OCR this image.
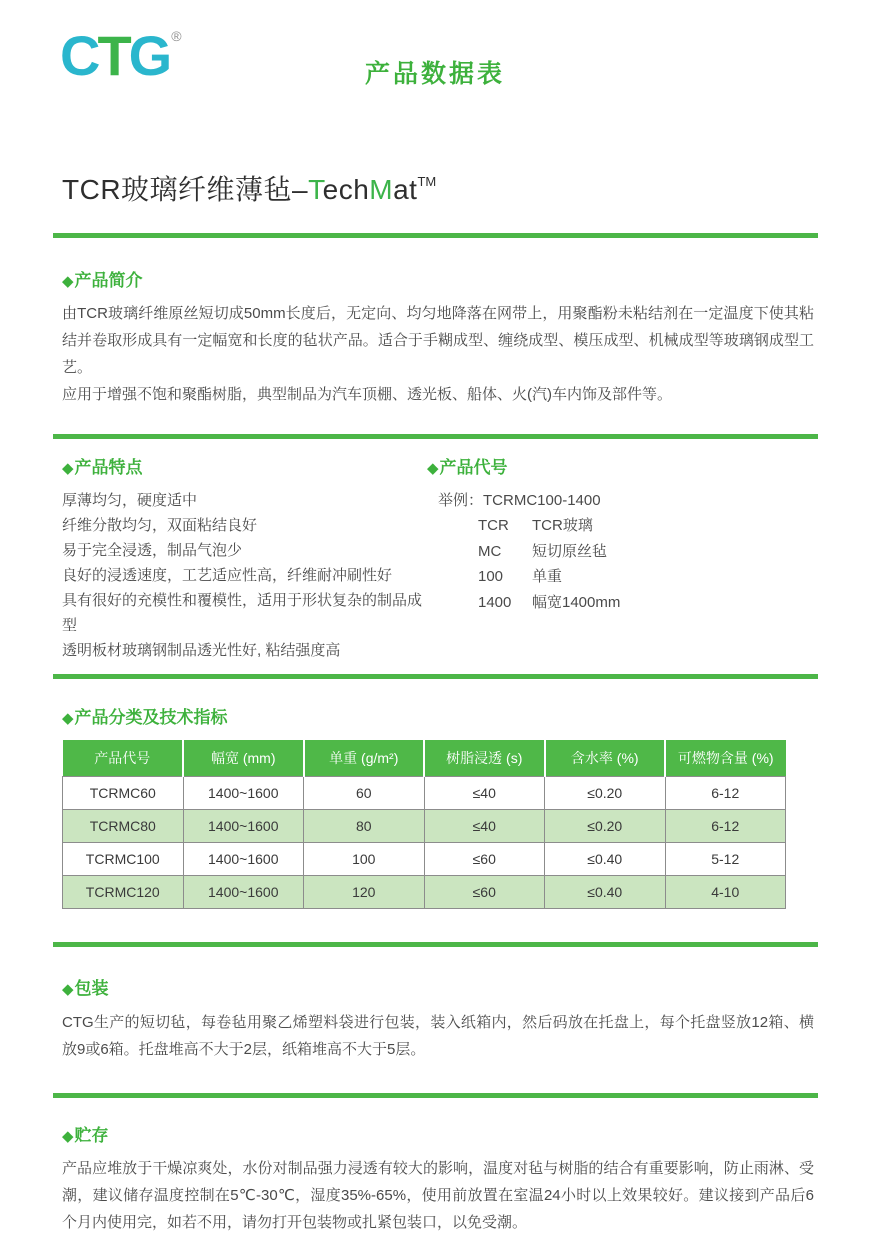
CTG ®
产品数据表
TCR玻璃纤维薄毡–TechMat™
◆产品简介

由TCR玻璃纤维原丝短切成50mm长度后，无定向、均匀地降落在网带上，用聚酯粉未粘结剂在一定温度下使其粘结并卷取形成具有一定幅宽和长度的毡状产品。适合于手糊成型、缠绕成型、模压成型、机械成型等玻璃钢成型工艺。

应用于增强不饱和聚酯树脂，典型制品为汽车顶棚、透光板、船体、火(汽)车内饰及部件等。

◆产品特点
厚薄均匀，硬度适中
纤维分散均匀，双面粘结良好
易于完全浸透，制品气泡少
良好的浸透速度，工艺适应性高，纤维耐冲刷性好
具有很好的充模性和覆模性，适用于形状复杂的制品成型
透明板材玻璃钢制品透光性好, 粘结强度高
◆产品代号
举例：TCRMC100-1400
TCR TCR玻璃
MC 短切原丝毡
100 单重
1400 幅宽1400mm
◆产品分类及技术指标
产品代号	幅宽 (mm)	单重 (g/m²)	树脂浸透 (s)	含水率 (%)	可燃物含量 (%)
TCRMC60	1400~1600	60	≤40	≤0.20	6-12
TCRMC80	1400~1600	80	≤40	≤0.20	6-12
TCRMC100	1400~1600	100	≤60	≤0.40	5-12
TCRMC120	1400~1600	120	≤60	≤0.40	4-10
◆包装

CTG生产的短切毡，每卷毡用聚乙烯塑料袋进行包装，装入纸箱内，然后码放在托盘上，每个托盘竖放12箱、横放9或6箱。托盘堆高不大于2层，纸箱堆高不大于5层。

◆贮存

产品应堆放于干燥凉爽处，水份对制品强力浸透有较大的影响，温度对毡与树脂的结合有重要影响，防止雨淋、受潮，建议储存温度控制在5℃-30℃，湿度35%-65%，使用前放置在室温24小时以上效果较好。建议接到产品后6个月内使用完，如若不用，请勿打开包装物或扎紧包装口，以免受潮。
